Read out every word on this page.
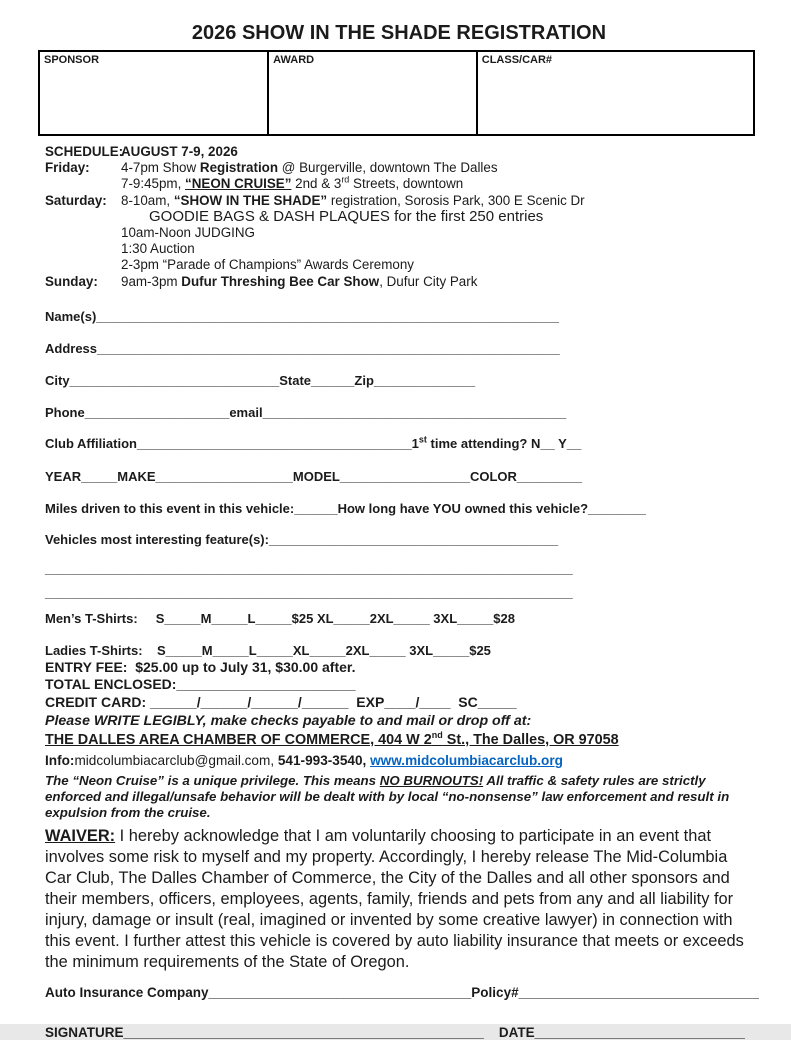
2026 SHOW IN THE SHADE REGISTRATION
SPONSOR	AWARD	CLASS/CAR#
SCHEDULE:
AUGUST 7-9, 2026
Friday:	4-7pm Show Registration @ Burgerville, downtown The Dalles
7-9:45pm, “NEON CRUISE” 2nd & 3rd Streets, downtown
Saturday:	8-10am, “SHOW IN THE SHADE” registration, Sorosis Park, 300 E Scenic Dr
GOODIE BAGS & DASH PLAQUES for the first 250 entries
10am-Noon JUDGING
1:30 Auction
2-3pm “Parade of Champions” Awards Ceremony
Sunday:	9am-3pm Dufur Threshing Bee Car Show, Dufur City Park
Name(s)________________________________________________________________
Address________________________________________________________________
City_____________________________State______Zip______________
Phone____________________email__________________________________________
Club Affiliation______________________________________1st time attending? N__ Y__
YEAR_____MAKE___________________MODEL__________________COLOR_________
Miles driven to this event in this vehicle:______How long have YOU owned this vehicle?________
Vehicles most interesting feature(s):________________________________________
_________________________________________________________________________
_________________________________________________________________________
Men’s T-Shirts:     S_____M_____L_____$25 XL_____2XL_____ 3XL_____$28
Ladies T-Shirts:    S_____M_____L_____XL_____2XL_____ 3XL_____$25
ENTRY FEE:  $25.00 up to July 31, $30.00 after.
TOTAL ENCLOSED:_______________________
CREDIT CARD: ______/______/______/______  EXP____/____  SC_____
Please WRITE LEGIBLY, make checks payable to and mail or drop off at:
THE DALLES AREA CHAMBER OF COMMERCE, 404 W 2nd St., The Dalles, OR 97058
Info:midcolumbiacarclub@gmail.com, 541-993-3540, www.midcolumbiacarclub.org
The “Neon Cruise” is a unique privilege. This means NO BURNOUTS! All traffic & safety rules are strictly enforced and illegal/unsafe behavior will be dealt with by local “no-nonsense” law enforcement and result in expulsion from the cruise.
WAIVER: I hereby acknowledge that I am voluntarily choosing to participate in an event that involves some risk to myself and my property. Accordingly, I hereby release The Mid-Columbia Car Club, The Dalles Chamber of Commerce, the City of the Dalles and all other sponsors and their members, officers, employees, agents, family, friends and pets from any and all liability for injury, damage or insult (real, imagined or invented by some creative lawyer) in connection with this event. I further attest this vehicle is covered by auto liability insurance that meets or exceeds the minimum requirements of the State of Oregon.
Auto Insurance Company___________________________________Policy#________________________________
SIGNATURE________________________________________________    DATE____________________________
